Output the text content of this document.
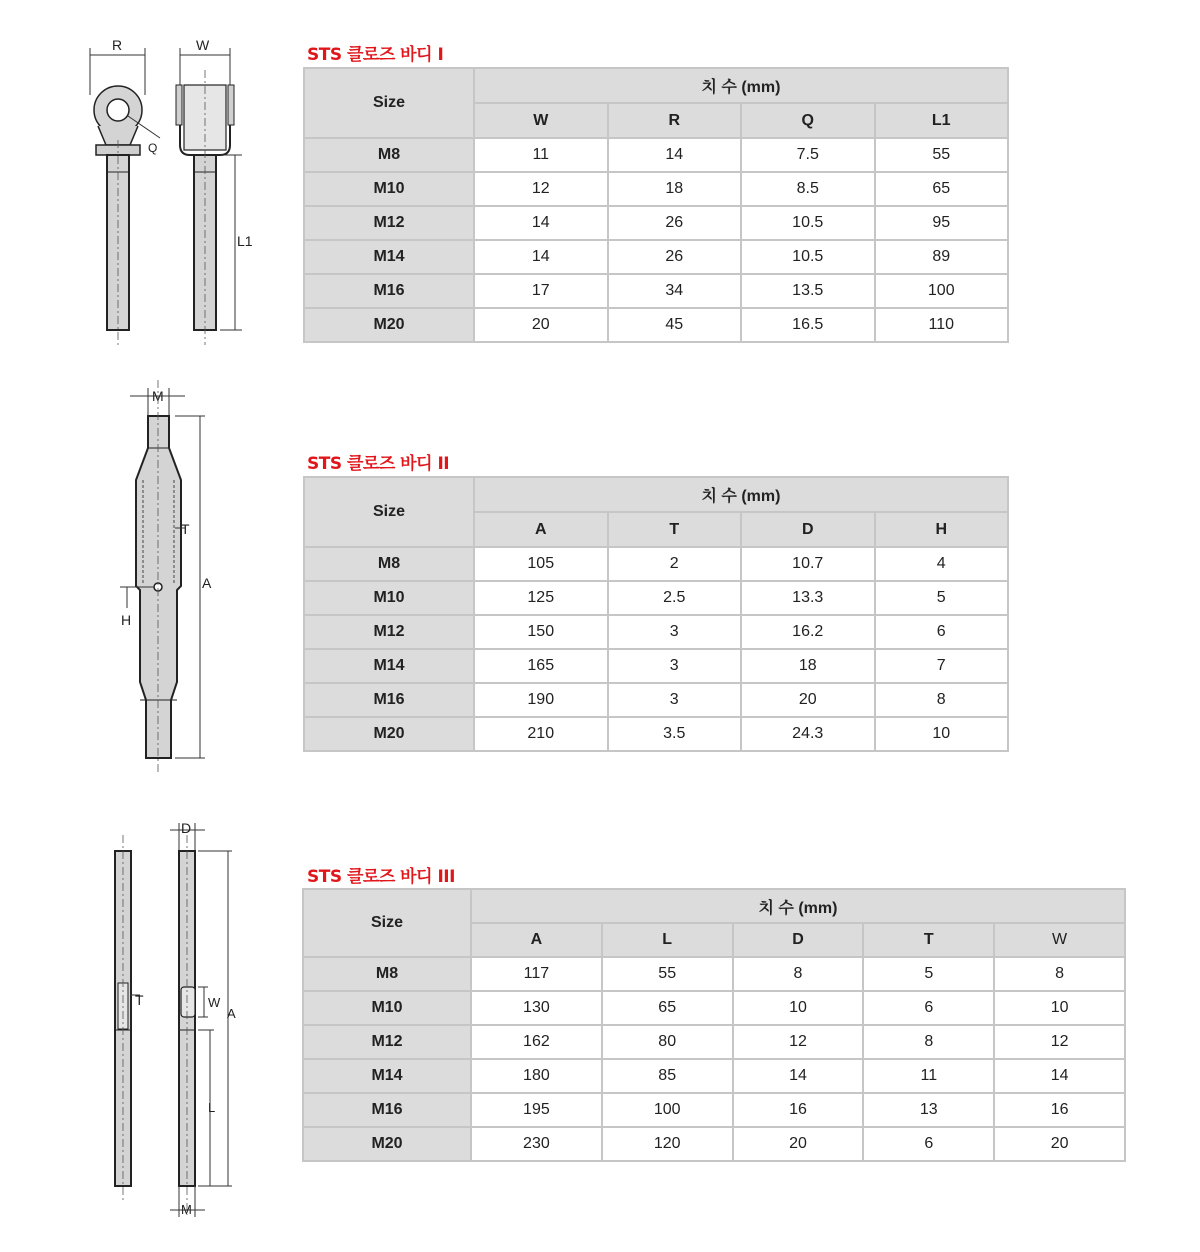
R
Q
W
L1
STS 클로즈 바디 I
Size	치 수 (mm)			
	W	R	Q	L1
M8	11	14	7.5	55
M10	12	18	8.5	65
M12	14	26	10.5	95
M14	14	26	10.5	89
M16	17	34	13.5	100
M20	20	45	16.5	110
M
T
A
H
STS 클로즈 바디 II
Size	치 수 (mm)			
	A	T	D	H
M8	105	2	10.7	4
M10	125	2.5	13.3	5
M12	150	3	16.2	6
M14	165	3	18	7
M16	190	3	20	8
M20	210	3.5	24.3	10
T
D
W
A
L
M
STS 클로즈 바디 III
Size	치 수 (mm)				
	A	L	D	T	W
M8	117	55	8	5	8
M10	130	65	10	6	10
M12	162	80	12	8	12
M14	180	85	14	11	14
M16	195	100	16	13	16
M20	230	120	20	6	20
